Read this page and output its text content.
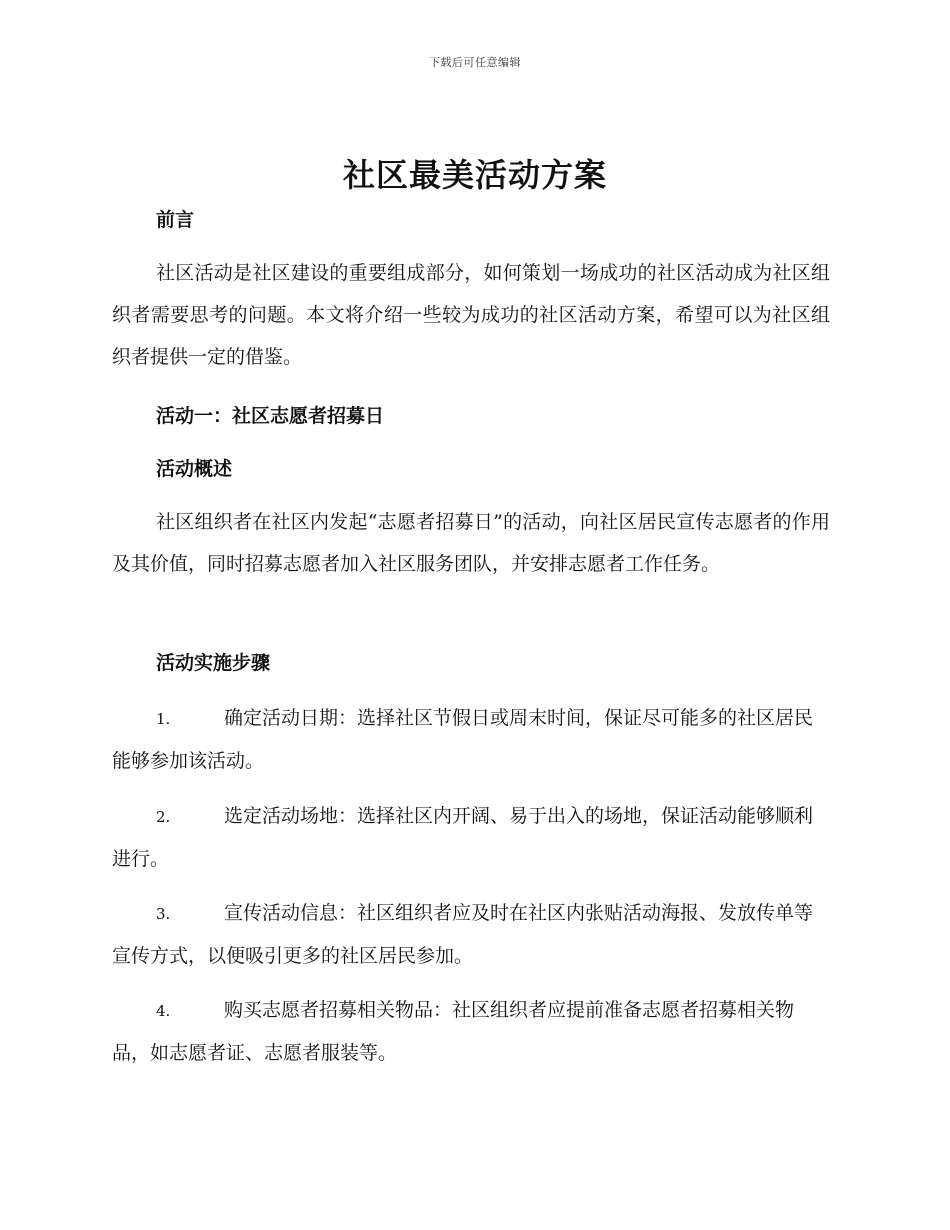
下载后可任意编辑
社区最美活动方案
前言
社区活动是社区建设的重要组成部分，如何策划一场成功的社区活动成为社区组织者需要思考的问题。本文将介绍一些较为成功的社区活动方案，希望可以为社区组织者提供一定的借鉴。
活动一：社区志愿者招募日
活动概述
社区组织者在社区内发起“志愿者招募日”的活动，向社区居民宣传志愿者的作用及其价值，同时招募志愿者加入社区服务团队，并安排志愿者工作任务。
活动实施步骤
1.	确定活动日期：选择社区节假日或周末时间，保证尽可能多的社区居民能够参加该活动。
2.	选定活动场地：选择社区内开阔、易于出入的场地，保证活动能够顺利进行。
3.	宣传活动信息：社区组织者应及时在社区内张贴活动海报、发放传单等宣传方式，以便吸引更多的社区居民参加。
4.	购买志愿者招募相关物品：社区组织者应提前准备志愿者招募相关物品，如志愿者证、志愿者服装等。
